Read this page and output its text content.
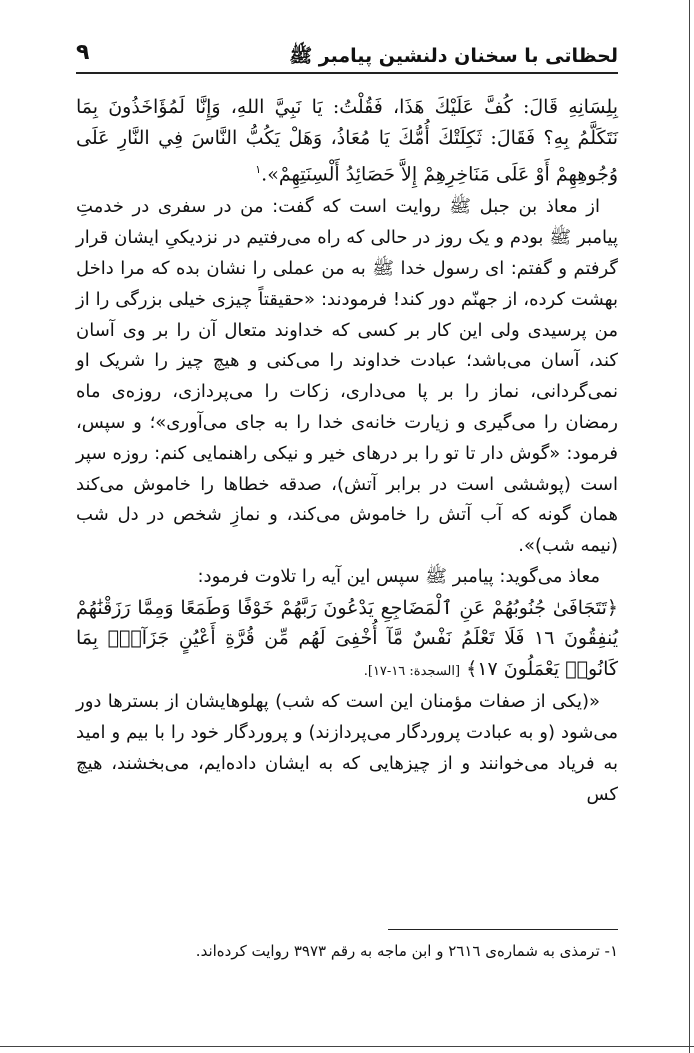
لحظاتی با سخنان دلنشین پیامبر ﷺ
٩

بِلِسَانِهِ قَالَ: كُفَّ عَلَيْكَ هَذَا، فَقُلْتُ: يَا نَبِيَّ اللهِ، وَإِنَّا لَمُؤَاخَذُونَ بِمَا نَتَكَلَّمُ بِهِ؟ فَقَالَ: ثَكِلَتْكَ أُمُّكَ يَا مُعَاذُ، وَهَلْ يَكُبُّ النَّاسَ فِي النَّارِ عَلَى وُجُوهِهِمْ أَوْ عَلَى مَنَاخِرِهِمْ إِلاَّ حَصَائِدُ أَلْسِنَتِهِمْ».$^١$

از معاذ بن جبل ﷺ روایت است که گفت: من در سفری در خدمتِ پیامبر ﷺ بودم و یک روز در حالی که راه می‌رفتیم در نزدیکیِ ایشان قرار گرفتم و گفتم: ای رسول خدا ﷺ به من عملی را نشان بده که مرا داخل بهشت کرده، از جهنّم دور کند! فرمودند: «حقیقتاً چیزی خیلی بزرگی را از من پرسیدی ولی این کار بر کسی که خداوند متعال آن را بر وی آسان کند، آسان می‌باشد؛ عبادت خداوند را می‌کنی و هیچ چیز را شریک او نمی‌گردانی، نماز را بر پا می‌داری، زکات را می‌پردازی، روزه‌ی ماه رمضان را می‌گیری و زیارت خانه‌ی خدا را به جای می‌آوری»؛ و سپس، فرمود: «گوش دار تا تو را بر درهای خیر و نیکی راهنمایی کنم: روزه سپر است (پوششی است در برابر آتش)، صدقه خطاها را خاموش می‌کند همان گونه که آب آتش را خاموش می‌کند، و نمازِ شخص در دل شب (نیمه شب)».

معاذ می‌گوید: پیامبر ﷺ سپس این آیه را تلاوت فرمود:

﴿تَتَجَافَىٰ جُنُوبُهُمْ عَنِ ٱلْمَضَاجِعِ يَدْعُونَ رَبَّهُمْ خَوْفًا وَطَمَعًا وَمِمَّا رَزَقْنَٰهُمْ يُنفِقُونَ ١٦ فَلَا تَعْلَمُ نَفْسٌ مَّآ أُخْفِىَ لَهُم مِّن قُرَّةِ أَعْيُنٍ جَزَآءًۢ بِمَا كَانُوا۟ يَعْمَلُونَ ١٧﴾ [السجدة: ١٦-١٧].

«(یکی از صفات مؤمنان این است که شب) پهلوهایشان از بسترها دور می‌شود (و به عبادت پروردگار می‌پردازند) و پروردگار خود را با بیم و امید به فریاد می‌خوانند و از چیزهایی که به ایشان داده‌ایم، می‌بخشند، هیچ کس

١- ترمذی به شماره‌ی ٢٦١٦ و ابن ماجه به رقم ٣٩٧٣ روایت کرده‌اند.
